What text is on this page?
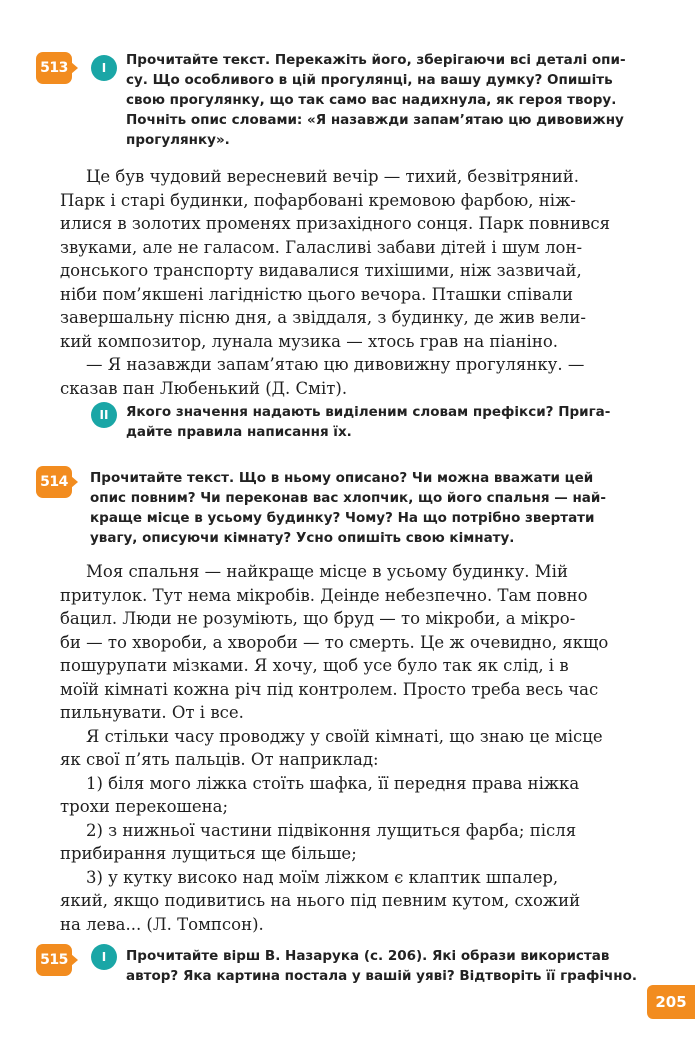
513	І	Прочитайте текст. Перекажіть його, зберігаючи всі деталі опи-
су. Що особливого в цій прогулянці, на вашу думку? Опишіть
свою прогулянку, що так само вас надихнула, як героя твору.
Почніть опис словами: «Я назавжди запам’ятаю цю дивовижну
прогулянку».
Це був чудовий вересневий вечір — тихий, безвітряний.
Парк і старі будинки, пофарбовані кремовою фарбою, ніж-
илися в золотих променях призахідного сонця. Парк повнився
звуками, але не галасом. Галасливі забави дітей і шум лон-
донського транспорту видавалися тихішими, ніж зазвичай,
ніби пом’якшені лагідністю цього вечора. Пташки співали
завершальну пісню дня, а звіддаля, з будинку, де жив вели-
кий композитор, лунала музика — хтось грав на піаніно.
— Я назавжди запам’ятаю цю дивовижну прогулянку. —
сказав пан Любенький (Д. Сміт).
ІІ	Якого значення надають виділеним словам префікси? Пригa-
дайте правила написання їх.
514	Прочитайте текст. Що в ньому описано? Чи можна вважати цей
опис повним? Чи переконав вас хлопчик, що його спальня — най-
краще місце в усьому будинку? Чому? На що потрібно звертати
увагу, описуючи кімнату? Усно опишіть свою кімнату.
Моя спальня — найкраще місце в усьому будинку. Мій
притулок. Тут нема мікробів. Деінде небезпечно. Там повно
бацил. Люди не розуміють, що бруд — то мікроби, а мікро-
би — то хвороби, а хвороби — то смерть. Це ж очевидно, якщо
пошурупати мізками. Я хочу, щоб усе було так як слід, і в
моїй кімнаті кожна річ під контролем. Просто треба весь час
пильнувати. От і все.
Я стільки часу проводжу у своїй кімнаті, що знаю це місце
як свої п’ять пальців. От наприклад:
1) біля мого ліжка стоїть шафка, її передня права ніжка
трохи перекошена;
2) з нижньої частини підвіконня лущиться фарба; після
прибирання лущиться ще більше;
3) у кутку високо над моїм ліжком є клаптик шпалер,
який, якщо подивитись на нього під певним кутом, схожий
на лева... (Л. Томпсон).
515	І	Прочитайте вірш В. Назарука (с. 206). Які образи використав
автор? Яка картина постала у вашій уяві? Відтворіть її графічно.
205
